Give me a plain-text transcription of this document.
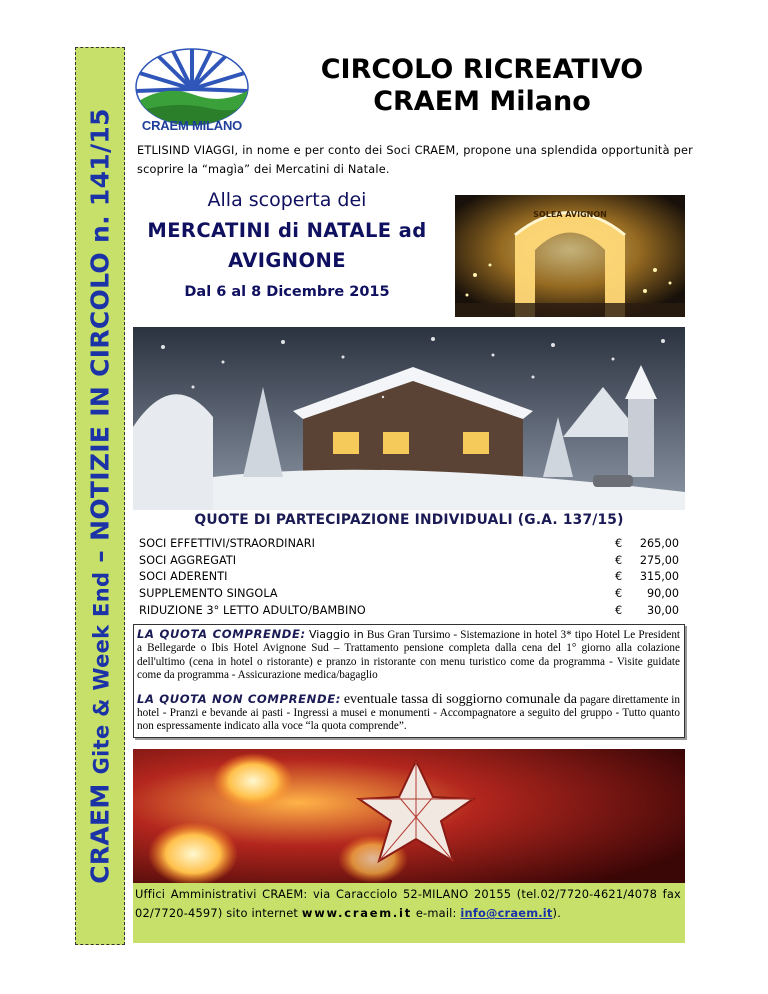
CRAEM Gite & Week End – NOTIZIE IN CIRCOLO n. 141/15	CRAEM MILANO
CIRCOLO RICREATIVO
CRAEM Milano
ETLISIND VIAGGI, in nome e per conto dei Soci CRAEM, propone una splendida opportunità per scoprire la “magìa” dei Mercatini di Natale.
Alla scoperta dei
MERCATINI di NATALE ad
AVIGNONE
Dal 6 al 8 Dicembre 2015
SOLEA AVIGNON
QUOTE DI PARTECIPAZIONE INDIVIDUALI (G.A. 137/15)
SOCI EFFETTIVI/STRAORDINARI	€	265,00
SOCI AGGREGATI	€	275,00
SOCI ADERENTI	€	315,00
SUPPLEMENTO SINGOLA	€	90,00
RIDUZIONE 3° LETTO ADULTO/BAMBINO	€	30,00

LA QUOTA COMPRENDE: Viaggio in Bus Gran Tursimo - Sistemazione in hotel 3* tipo Hotel Le President a Bellegarde o Ibis Hotel Avignone Sud – Trattamento pensione completa dalla cena del 1° giorno alla colazione dell'ultimo (cena in hotel o ristorante) e pranzo in ristorante con menu turistico come da programma - Visite guidate come da programma - Assicurazione medica/bagaglio

LA QUOTA NON COMPRENDE: eventuale tassa di soggiorno comunale da pagare direttamente in hotel - Pranzi e bevande ai pasti - Ingressi a musei e monumenti - Accompagnatore a seguito del gruppo - Tutto quanto non espressamente indicato alla voce “la quota comprende”.

Uffici Amministrativi CRAEM: via Caracciolo 52-MILANO 20155 (tel.02/7720-4621/4078 fax 02/7720-4597) sito internet www.craem.it e-mail: info@craem.it).
